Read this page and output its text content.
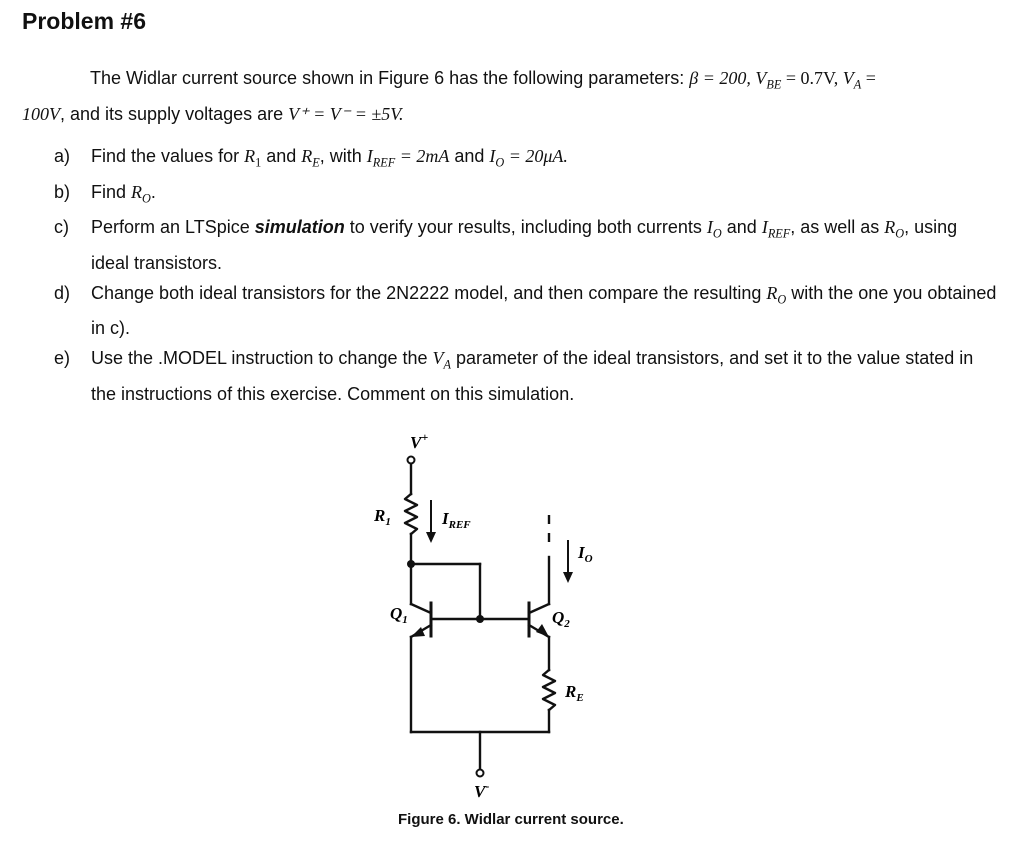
Problem #6
The Widlar current source shown in Figure 6 has the following parameters: β = 200, $V_{BE} = 0.7V$, $V_A$ =
100V, and its supply voltages are V⁺ = V⁻ = ±5V.
a) Find the values for $R_1$ and $R_E$, with $I_{REF} = 2mA$ and $I_O = 20\mu A$.
b) Find $R_O$.
c) Perform an LTSpice simulation to verify your results, including both currents $I_O$ and $I_{REF}$, as well as $R_O$, using ideal transistors.
d) Change both ideal transistors for the 2N2222 model, and then compare the resulting $R_O$ with the one you obtained in c).
e) Use the .MODEL instruction to change the $V_A$ parameter of the ideal transistors, and set it to the value stated in the instructions of this exercise. Comment on this simulation.
V+
V-
$R_1$	$I_{REF}$
$I_O$
$Q_1$	$Q_2$
$R_E$
Figure 6. Widlar current source.
